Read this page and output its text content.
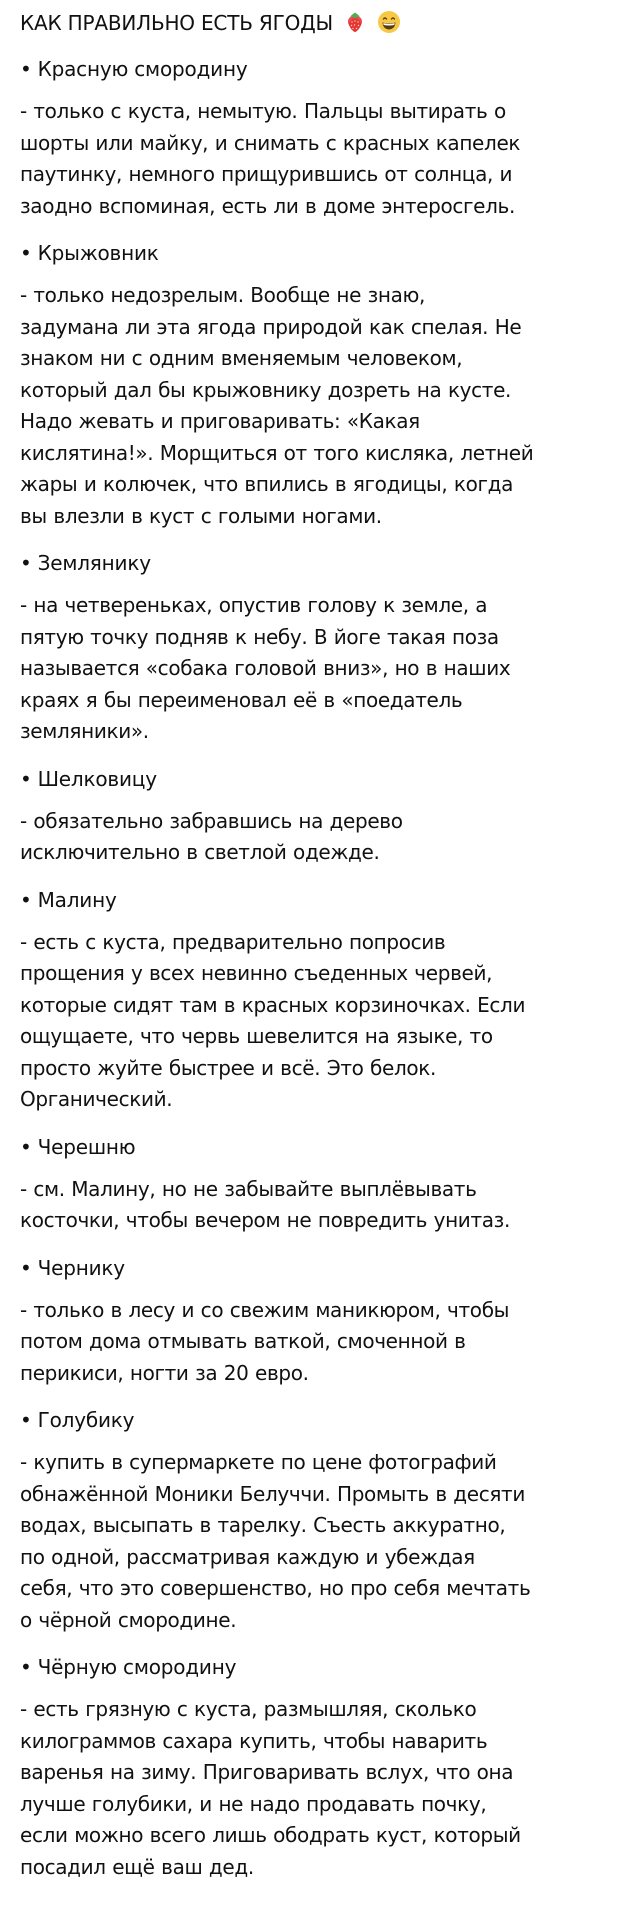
КАК ПРАВИЛЬНО ЕСТЬ ЯГОДЫ
• Красную смородину
- только с куста, немытую. Пальцы вытирать о
шорты или майку, и снимать с красных капелек
паутинку, немного прищурившись от солнца, и
заодно вспоминая, есть ли в доме энтеросгель.
• Крыжовник
- только недозрелым. Вообще не знаю,
задумана ли эта ягода природой как спелая. Не
знаком ни с одним вменяемым человеком,
который дал бы крыжовнику дозреть на кусте.
Надо жевать и приговаривать: «Какая
кислятина!». Морщиться от того кисляка, летней
жары и колючек, что впились в ягодицы, когда
вы влезли в куст с голыми ногами.
• Землянику
- на четвереньках, опустив голову к земле, а
пятую точку подняв к небу. В йоге такая поза
называется «собака головой вниз», но в наших
краях я бы переименовал её в «поедатель
земляники».
• Шелковицу
- обязательно забравшись на дерево
исключительно в светлой одежде.
• Малину
- есть с куста, предварительно попросив
прощения у всех невинно съеденных червей,
которые сидят там в красных корзиночках. Если
ощущаете, что червь шевелится на языке, то
просто жуйте быстрее и всё. Это белок.
Органический.
• Черешню
- см. Малину, но не забывайте выплёвывать
косточки, чтобы вечером не повредить унитаз.
• Чернику
- только в лесу и со свежим маникюром, чтобы
потом дома отмывать ваткой, смоченной в
перикиси, ногти за 20 евро.
• Голубику
- купить в супермаркете по цене фотографий
обнажённой Моники Белуччи. Промыть в десяти
водах, высыпать в тарелку. Съесть аккуратно,
по одной, рассматривая каждую и убеждая
себя, что это совершенство, но про себя мечтать
о чёрной смородине.
• Чёрную смородину
- есть грязную с куста, размышляя, сколько
килограммов сахара купить, чтобы наварить
варенья на зиму. Приговаривать вслух, что она
лучше голубики, и не надо продавать почку,
если можно всего лишь ободрать куст, который
посадил ещё ваш дед.
